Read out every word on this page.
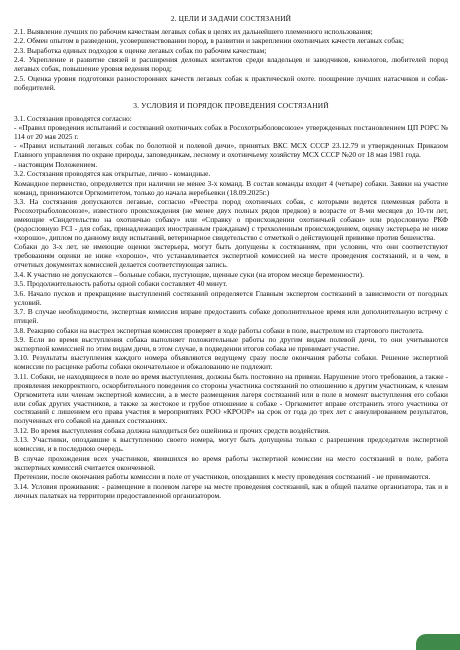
2. ЦЕЛИ И ЗАДАЧИ СОСТЯЗАНИЙ
2.1. Выявление лучших по рабочим качествам легавых собак в целях их дальнейшего племенного использования;
2.2. Обмен опытом в разведении, усовершенствовании пород, в развитии и закреплении охотничьих качеств легавых собак;
2.3. Выработка единых подходов к оценке легавых собак по рабочим качествам;
2.4. Укрепление и развитие связей и расширения деловых контактов среди владельцев и заводчиков, кинологов, любителей пород легавых собак, повышение уровня ведения пород;
2.5. Оценка уровня подготовки разносторонних качеств легавых собак к практической охоте. поощрение лучших натасчиков и собак-победителей.
3. УСЛОВИЯ И ПОРЯДОК ПРОВЕДЕНИЯ СОСТЯЗАНИЙ
3.1. Состязания проводятся согласно:
- «Правил проведения испытаний и состязаний охотничьих собак в Росохотрыболовсоюзе» утвержденных постановлением ЦП РОРС № 114 от 20 мая 2025 г.
- «Правил испытаний легавых собак по болотной и полевой дичи», принятых ВКС МСХ СССР 23.12.79 и утвержденных Приказом Главного управления по охране природы, заповедникам, лесному и охотничьему хозяйству МСХ СССР №20 от 18 мая 1981 года.
- настоящим Положением.
3.2. Состязания проводятся как открытые, лично - командные.
Командное первенство, определяется при наличии не менее 3-х команд. В состав команды входит 4 (четыре) собаки. Заявки на участие команд, принимаются Оргкомитетом, только до начала жеребьевки (18.09.2025г.)
3.3. На состязания допускаются легавые, согласно «Реестра пород охотничьих собак, с которыми ведется племенная работа в Росохотрыболовсоюзе», известного происхождения (не менее двух полных рядов предков) в возрасте от 8-ми месяцев до 10-ти лет, имеющие «Свидетельство на охотничью собаку» или «Справку о происхождении охотничьей собаки» или родословную РКФ (родословную FCI - для собак, принадлежащих иностранным гражданам) с трехколенным происхождением, оценку экстерьера не ниже «хорошо», диплом по данному виду испытаний, ветеринарное свидетельство с отметкой о действующей прививке против бешенства.
Собаки до 3-х лет, не имеющие оценки экстерьера, могут быть допущены к состязаниям, при условии, что они соответствуют требованиям оценки не ниже «хорошо», что устанавливается экспертной комиссией на месте проведения состязаний, и в чем, в отчетных документах комиссией делается соответствующая запись.
3.4. К участию не допускаются – больные собаки, пустующие, щенные суки (на втором месяце беременности).
3.5. Продолжительность работы одной собаки составляет 40 минут.
3.6. Начало пусков и прекращение выступлений состязаний определяется Главным экспертом состязаний в зависимости от погодных условий.
3.7. В случае необходимости, экспертная комиссия вправе предоставить собаке дополнительное время или дополнительную встречу с птицей.
3.8. Реакцию собаки на выстрел экспертная комиссия проверяет в ходе работы собаки в поле, выстрелом из стартового пистолета.
3.9. Если во время выступления собака выполняет положительные работы по другим видам полевой дичи, то они учитываются экспертной комиссией по этим видам дичи, в этом случае, в подведении итогов собака не принимает участие.
3.10. Результаты выступления каждого номера объявляются ведущему сразу после окончания работы собаки. Решение экспертной комиссии по расценке работы собаки окончательное и обжалованию не подлежит.
3.11. Собаки, не находящиеся в поле во время выступления, должны быть постоянно на привязи. Нарушение этого требования, а также - проявления некорректного, оскорбительного поведения со стороны участника состязаний по отношению к другим участникам, к членам Оргкомитета или членам экспертной комиссии, а в месте размещения лагеря состязаний или в поле в момент выступления его собаки или собак других участников, а также за жестокое и грубое отношение к собаке - Оргкомитет вправе отстранить этого участника от состязаний с лишением его права участия в мероприятиях РОО «КРООР» на срок от года до трех лет с аннулированием результатов, полученных его собакой на данных состязаниях.
3.12. Во время выступления собака должна находиться без ошейника и прочих средств воздействия.
3.13. Участники, опоздавшие к выступлению своего номера, могут быть допущены только с разрешения председателя экспертной комиссии, и в последнюю очередь.
В случае прохождения всех участников, явившихся во время работы экспертной комиссии на место состязаний в поле, работа экспертных комиссий считается оконченной.
Претензии, после окончания работы комиссии в поле от участников, опоздавших к месту проведения состязаний - не принимаются.
3.14. Условия проживания: - размещение в полевом лагере на месте проведения состязаний, как в общей палатке организатора, так и в личных палатках на территории предоставленной организатором.
